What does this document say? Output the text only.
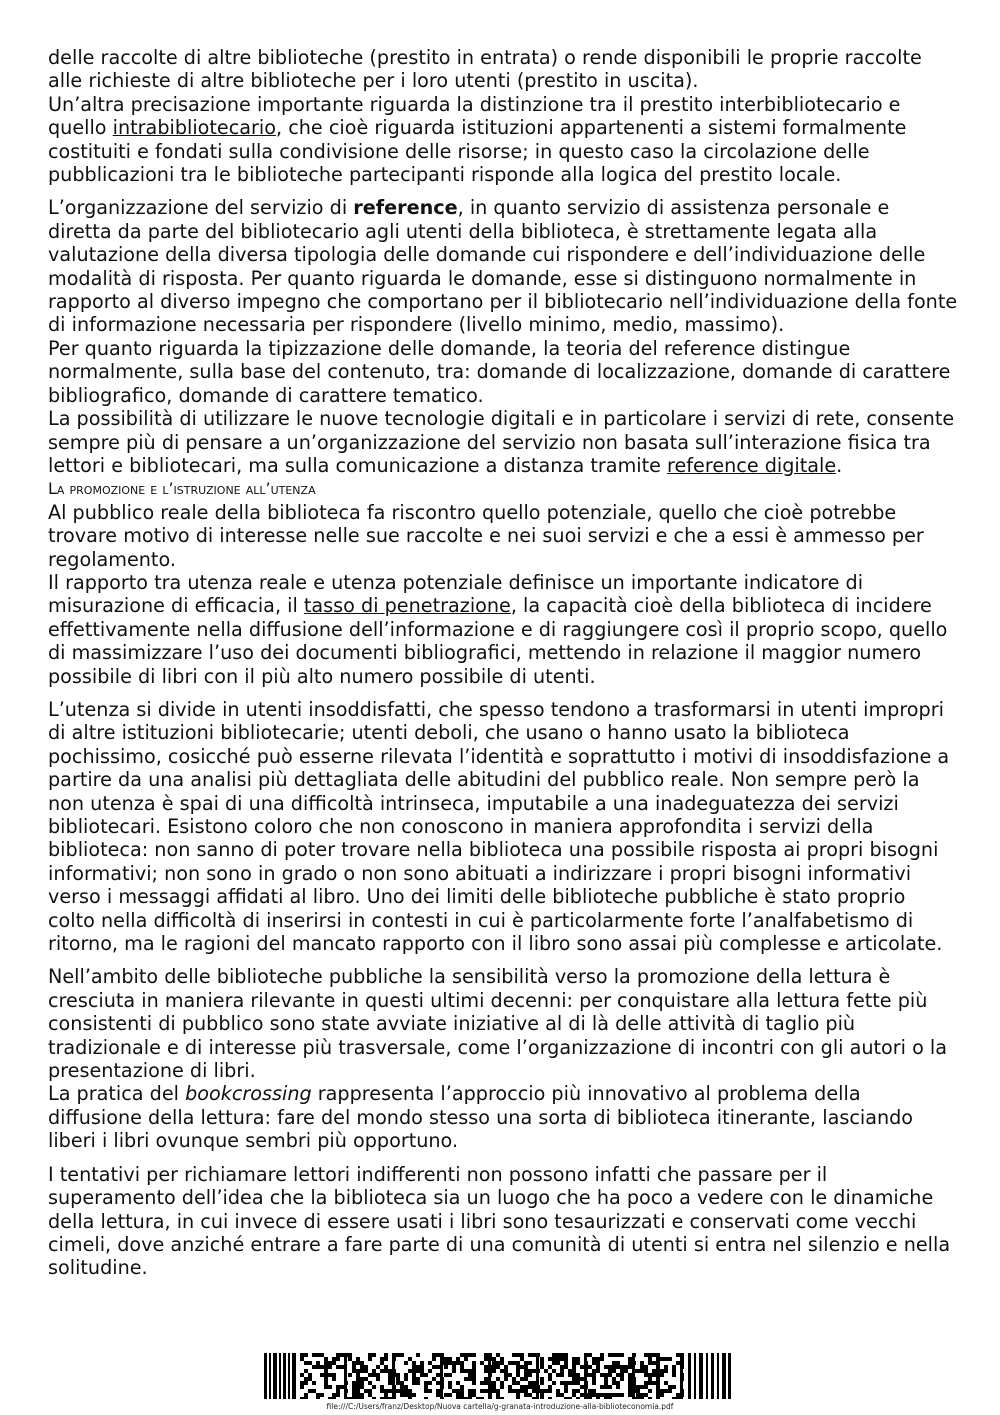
delle raccolte di altre biblioteche (prestito in entrata) o rende disponibili le proprie raccolte alle richieste di altre biblioteche per i loro utenti (prestito in uscita).

Un’altra precisazione importante riguarda la distinzione tra il prestito interbibliotecario e quello intrabibliotecario, che cioè riguarda istituzioni appartenenti a sistemi formalmente costituiti e fondati sulla condivisione delle risorse; in questo caso la circolazione delle pubblicazioni tra le biblioteche partecipanti risponde alla logica del prestito locale.

L’organizzazione del servizio di reference, in quanto servizio di assistenza personale e diretta da parte del bibliotecario agli utenti della biblioteca, è strettamente legata alla valutazione della diversa tipologia delle domande cui rispondere e dell’individuazione delle modalità di risposta. Per quanto riguarda le domande, esse si distinguono normalmente in rapporto al diverso impegno che comportano per il bibliotecario nell’individuazione della fonte di informazione necessaria per rispondere (livello minimo, medio, massimo).

Per quanto riguarda la tipizzazione delle domande, la teoria del reference distingue normalmente, sulla base del contenuto, tra: domande di localizzazione, domande di carattere bibliografico, domande di carattere tematico.

La possibilità di utilizzare le nuove tecnologie digitali e in particolare i servizi di rete, consente sempre più di pensare a un’organizzazione del servizio non basata sull’interazione fisica tra lettori e bibliotecari, ma sulla comunicazione a distanza tramite reference digitale.

La promozione e l’istruzione all’utenza

Al pubblico reale della biblioteca fa riscontro quello potenziale, quello che cioè potrebbe trovare motivo di interesse nelle sue raccolte e nei suoi servizi e che a essi è ammesso per regolamento.

Il rapporto tra utenza reale e utenza potenziale definisce un importante indicatore di misurazione di efficacia, il tasso di penetrazione, la capacità cioè della biblioteca di incidere effettivamente nella diffusione dell’informazione e di raggiungere così il proprio scopo, quello di massimizzare l’uso dei documenti bibliografici, mettendo in relazione il maggior numero possibile di libri con il più alto numero possibile di utenti.

L’utenza si divide in utenti insoddisfatti, che spesso tendono a trasformarsi in utenti impropri di altre istituzioni bibliotecarie; utenti deboli, che usano o hanno usato la biblioteca pochissimo, cosicché può esserne rilevata l’identità e soprattutto i motivi di insoddisfazione a partire da una analisi più dettagliata delle abitudini del pubblico reale. Non sempre però la non utenza è spai di una difficoltà intrinseca, imputabile a una inadeguatezza dei servizi bibliotecari. Esistono coloro che non conoscono in maniera approfondita i servizi della biblioteca: non sanno di poter trovare nella biblioteca una possibile risposta ai propri bisogni informativi; non sono in grado o non sono abituati a indirizzare i propri bisogni informativi verso i messaggi affidati al libro. Uno dei limiti delle biblioteche pubbliche è stato proprio colto nella difficoltà di inserirsi in contesti in cui è particolarmente forte l’analfabetismo di ritorno, ma le ragioni del mancato rapporto con il libro sono assai più complesse e articolate.

Nell’ambito delle biblioteche pubbliche la sensibilità verso la promozione della lettura è cresciuta in maniera rilevante in questi ultimi decenni: per conquistare alla lettura fette più consistenti di pubblico sono state avviate iniziative al di là delle attività di taglio più tradizionale e di interesse più trasversale, come l’organizzazione di incontri con gli autori o la presentazione di libri.

La pratica del bookcrossing rappresenta l’approccio più innovativo al problema della diffusione della lettura: fare del mondo stesso una sorta di biblioteca itinerante, lasciando liberi i libri ovunque sembri più opportuno.

I tentativi per richiamare lettori indifferenti non possono infatti che passare per il superamento dell’idea che la biblioteca sia un luogo che ha poco a vedere con le dinamiche della lettura, in cui invece di essere usati i libri sono tesaurizzati e conservati come vecchi cimeli, dove anziché entrare a fare parte di una comunità di utenti si entra nel silenzio e nella solitudine.

file:///C:/Users/franz/Desktop/Nuova cartella/g-granata-introduzione-alla-biblioteconomia.pdf
